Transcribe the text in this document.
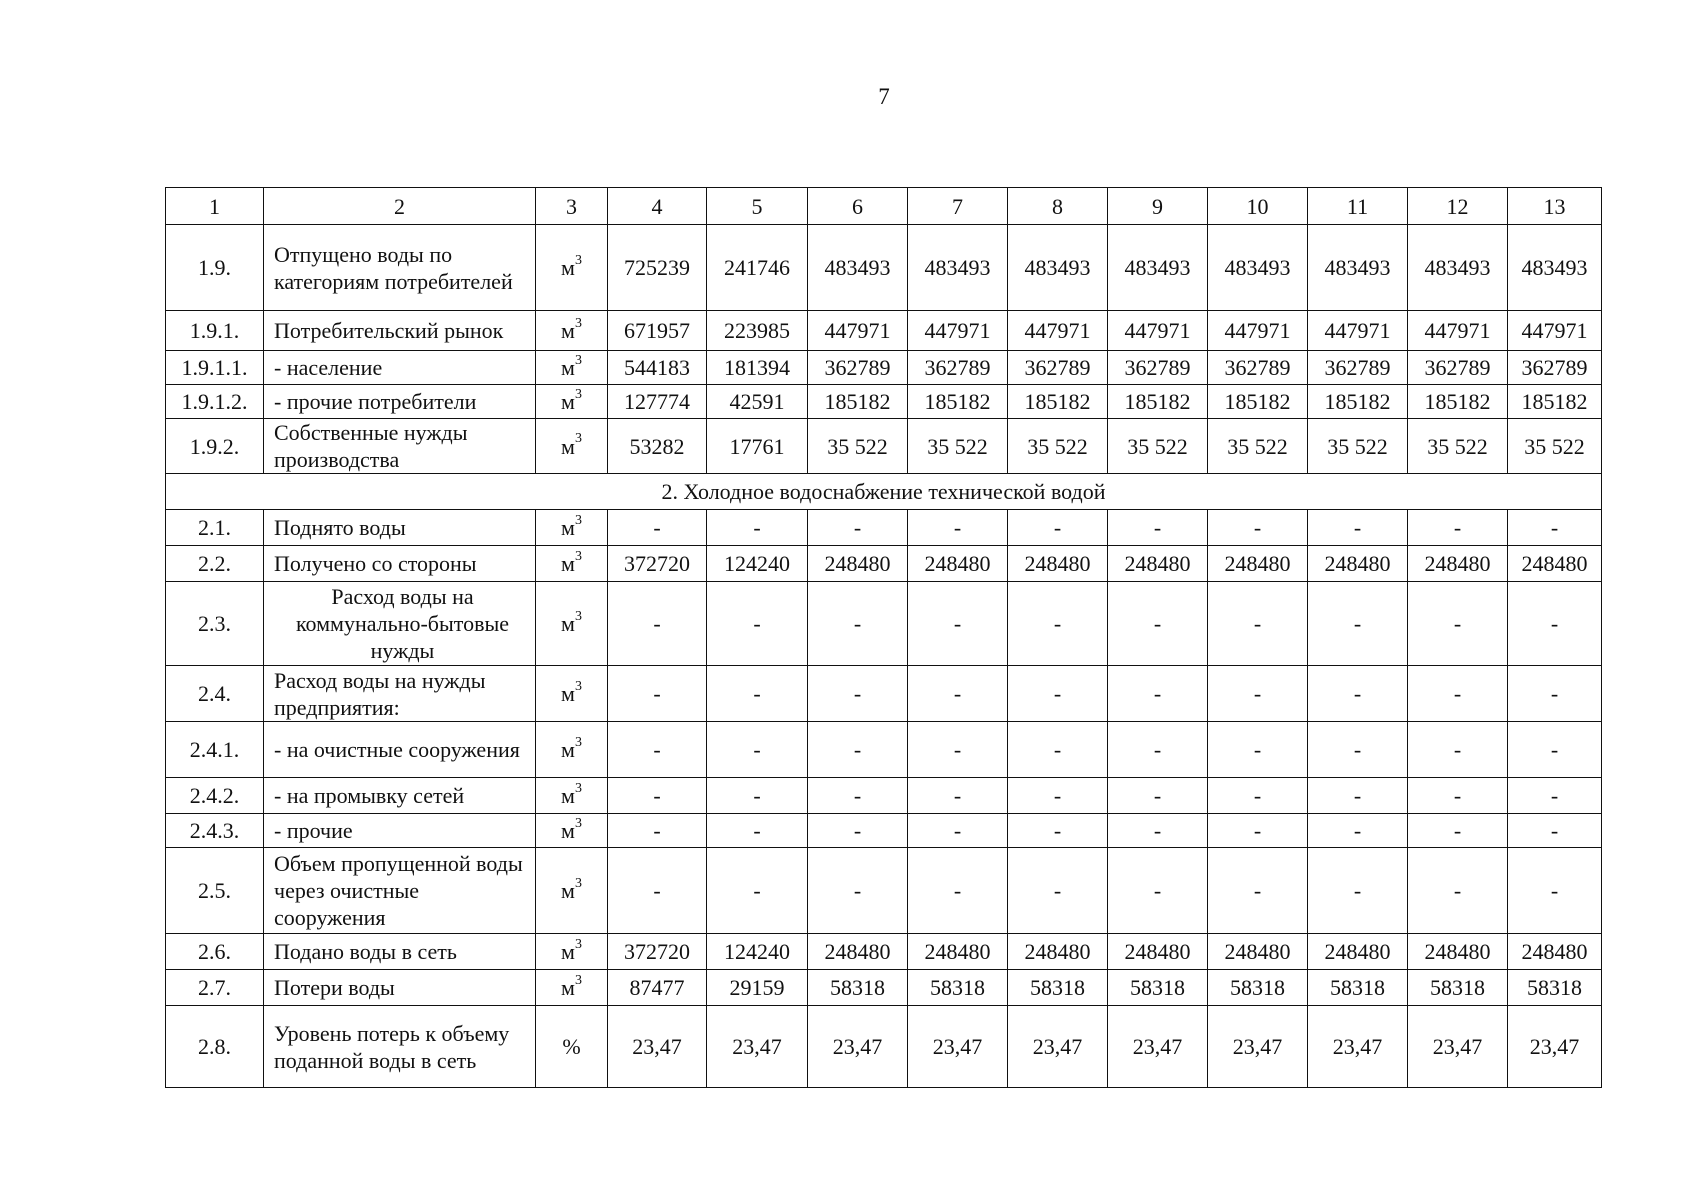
7
1	2	3	4	5	6	7	8	9	10	11	12	13
1.9.	Отпущено воды по категориям потребителей	$м^3$	725239	241746	483493	483493	483493	483493	483493	483493	483493	483493
1.9.1.	Потребительский рынок	$м^3$	671957	223985	447971	447971	447971	447971	447971	447971	447971	447971
1.9.1.1.	- население	$м^3$	544183	181394	362789	362789	362789	362789	362789	362789	362789	362789
1.9.1.2.	- прочие потребители	$м^3$	127774	42591	185182	185182	185182	185182	185182	185182	185182	185182
1.9.2.	Собственные нужды производства	$м^3$	53282	17761	35 522	35 522	35 522	35 522	35 522	35 522	35 522	35 522
2. Холодное водоснабжение технической водой												
2.1.	Поднято воды	$м^3$	-	-	-	-	-	-	-	-	-	-
2.2.	Получено со стороны	$м^3$	372720	124240	248480	248480	248480	248480	248480	248480	248480	248480
2.3.	Расход воды на коммунально-бытовые нужды	$м^3$	-	-	-	-	-	-	-	-	-	-
2.4.	Расход воды на нужды предприятия:	$м^3$	-	-	-	-	-	-	-	-	-	-
2.4.1.	- на очистные сооружения	$м^3$	-	-	-	-	-	-	-	-	-	-
2.4.2.	- на промывку сетей	$м^3$	-	-	-	-	-	-	-	-	-	-
2.4.3.	- прочие	$м^3$	-	-	-	-	-	-	-	-	-	-
2.5.	Объем пропущенной воды через очистные сооружения	$м^3$	-	-	-	-	-	-	-	-	-	-
2.6.	Подано воды в сеть	$м^3$	372720	124240	248480	248480	248480	248480	248480	248480	248480	248480
2.7.	Потери воды	$м^3$	87477	29159	58318	58318	58318	58318	58318	58318	58318	58318
2.8.	Уровень потерь к объему поданной воды в сеть	%	23,47	23,47	23,47	23,47	23,47	23,47	23,47	23,47	23,47	23,47
